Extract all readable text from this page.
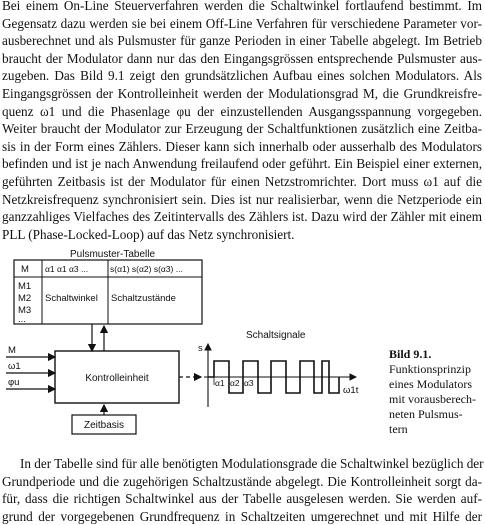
Bei einem On-Line Steuerverfahren werden die Schaltwinkel fortlaufend bestimmt. Im
Gegensatz dazu werden sie bei einem Off-Line Verfahren für verschiedene Parameter vor-
ausberechnet und als Pulsmuster für ganze Perioden in einer Tabelle abgelegt. Im Betrieb
braucht der Modulator dann nur das den Eingangsgrössen entsprechende Pulsmuster aus-
zugeben. Das Bild 9.1 zeigt den grundsätzlichen Aufbau eines solchen Modulators. Als
Eingangsgrössen der Kontrolleinheit werden der Modulationsgrad M, die Grundkreisfre-
quenz ω1 und die Phasenlage φu der einzustellenden Ausgangsspannung vorgegeben.
Weiter braucht der Modulator zur Erzeugung der Schaltfunktionen zusätzlich eine Zeitba-
sis in der Form eines Zählers. Dieser kann sich innerhalb oder ausserhalb des Modulators
befinden und ist je nach Anwendung freilaufend oder geführt. Ein Beispiel einer externen,
geführten Zeitbasis ist der Modulator für einen Netzstromrichter. Dort muss ω1 auf die
Netzkreisfrequenz synchronisiert sein. Dies ist nur realisierbar, wenn die Netzperiode ein
ganzzahliges Vielfaches des Zeitintervalls des Zählers ist. Dazu wird der Zähler mit einem
PLL (Phase-Locked-Loop) auf das Netz synchronisiert.
Pulsmuster-Tabelle
M α1 α1 α3 ...	s(α1) s(α2) s(α3) ...
M1
M2
M3
...
Schaltwinkel Schaltzustände
M
ω1
φu	Kontrolleinheit
Zeitbasis
Schaltsignale
s
ω1t
α1 α2 α3

Bild 9.1.
Funktionsprinzip
eines Modulators
mit vorausberech-
neten Pulsmus-
tern

In der Tabelle sind für alle benötigten Modulationsgrade die Schaltwinkel bezüglich der
Grundperiode und die zugehörigen Schaltzustände abgelegt. Die Kontrolleinheit sorgt da-
für, dass die richtigen Schaltwinkel aus der Tabelle ausgelesen werden. Sie werden auf-
grund der vorgegebenen Grundfrequenz in Schaltzeiten umgerechnet und mit Hilfe der
